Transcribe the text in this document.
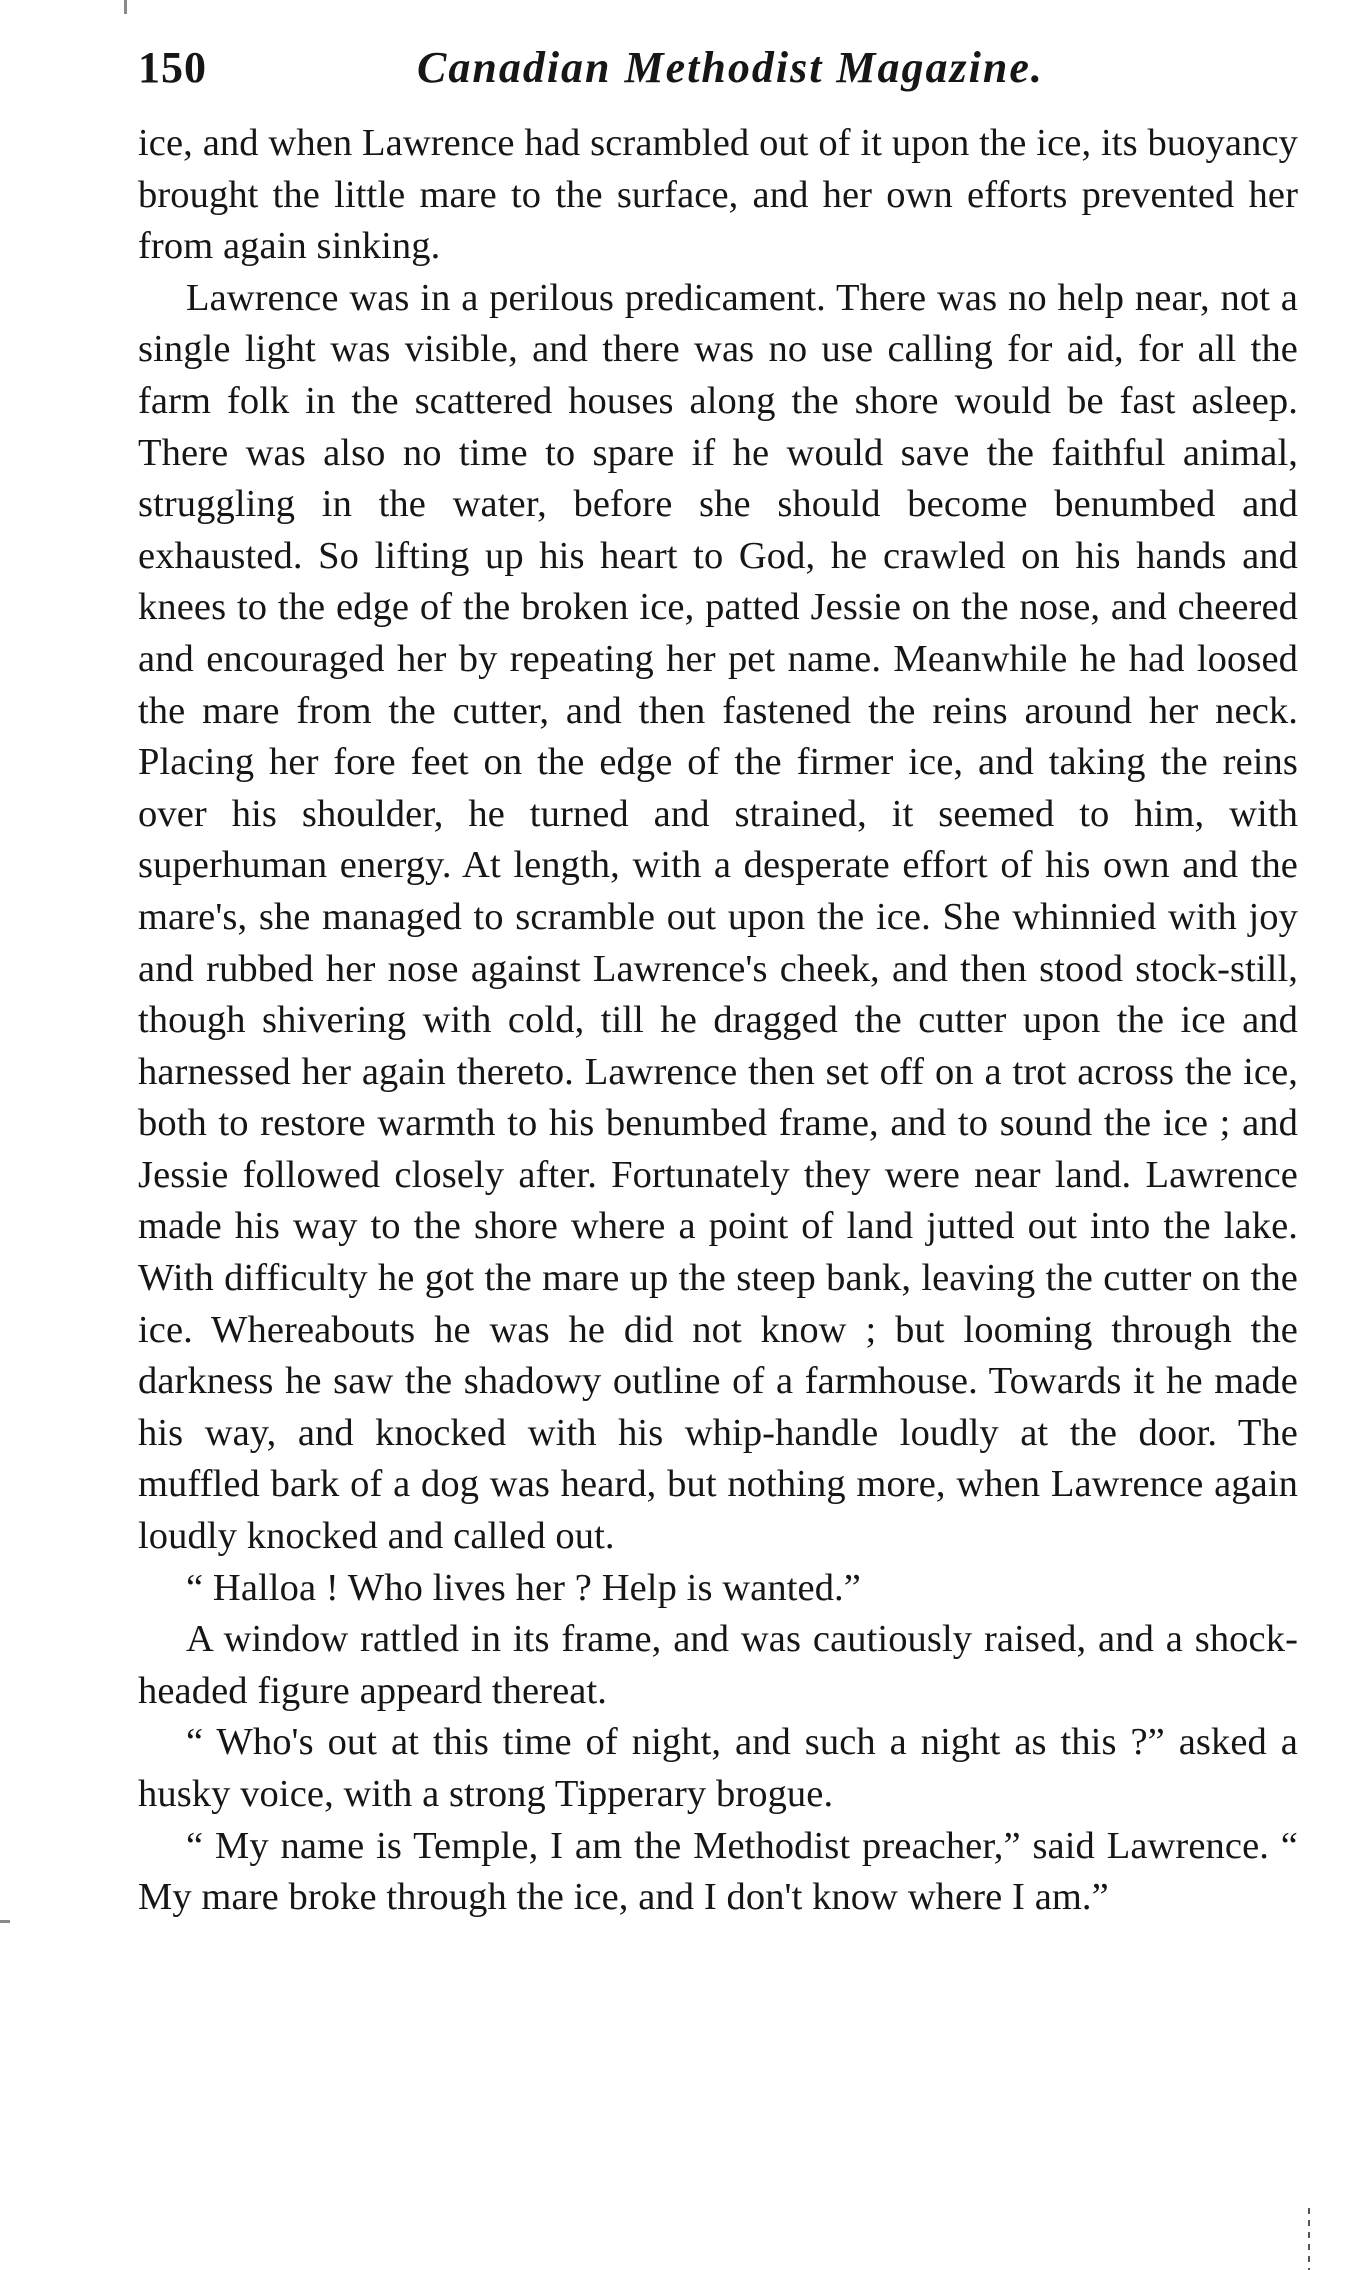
150	Canadian Methodist Magazine.

ice, and when Lawrence had scrambled out of it upon the ice, its buoyancy brought the little mare to the surface, and her own efforts prevented her from again sinking.

Lawrence was in a perilous predicament. There was no help near, not a single light was visible, and there was no use calling for aid, for all the farm folk in the scattered houses along the shore would be fast asleep. There was also no time to spare if he would save the faithful animal, struggling in the water, before she should become benumbed and exhausted. So lifting up his heart to God, he crawled on his hands and knees to the edge of the broken ice, patted Jessie on the nose, and cheered and encouraged her by repeating her pet name. Meanwhile he had loosed the mare from the cutter, and then fastened the reins around her neck. Placing her fore feet on the edge of the firmer ice, and taking the reins over his shoulder, he turned and strained, it seemed to him, with superhuman energy. At length, with a desperate effort of his own and the mare's, she managed to scramble out upon the ice. She whinnied with joy and rubbed her nose against Lawrence's cheek, and then stood stock-still, though shivering with cold, till he dragged the cutter upon the ice and harnessed her again thereto. Lawrence then set off on a trot across the ice, both to restore warmth to his benumbed frame, and to sound the ice ; and Jessie followed closely after. Fortunately they were near land. Lawrence made his way to the shore where a point of land jutted out into the lake. With difficulty he got the mare up the steep bank, leaving the cutter on the ice. Whereabouts he was he did not know ; but looming through the darkness he saw the shadowy outline of a farmhouse. Towards it he made his way, and knocked with his whip-handle loudly at the door. The muffled bark of a dog was heard, but nothing more, when Lawrence again loudly knocked and called out.

“ Halloa ! Who lives her ? Help is wanted.”

A window rattled in its frame, and was cautiously raised, and a shock-headed figure appeard thereat.

“ Who's out at this time of night, and such a night as this ?” asked a husky voice, with a strong Tipperary brogue.

“ My name is Temple, I am the Methodist preacher,” said Lawrence. “ My mare broke through the ice, and I don't know where I am.”
